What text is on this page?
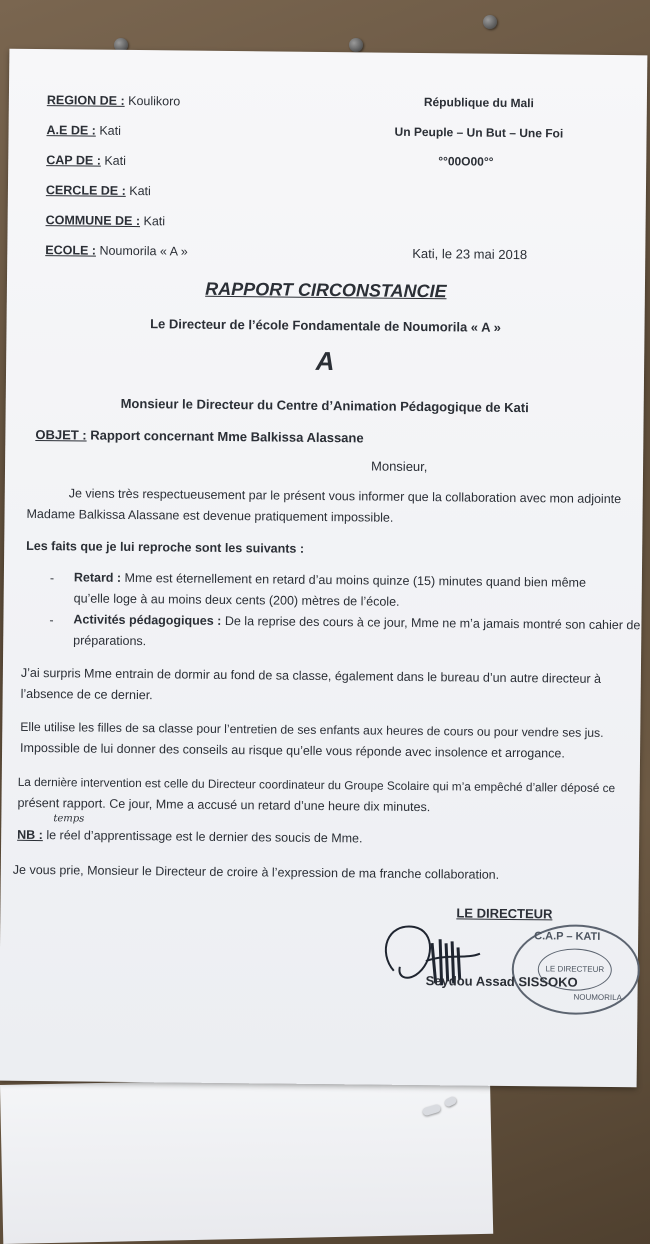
REGION DE : Koulikoro
A.E DE : Kati
CAP DE : Kati
CERCLE DE : Kati
COMMUNE DE : Kati
ECOLE : Noumorila « A »
République du Mali
Un Peuple – Un But – Une Foi
°°00O00°°
Kati, le 23 mai 2018
RAPPORT CIRCONSTANCIE
Le Directeur de l’école Fondamentale de Noumorila « A »
A
Monsieur le Directeur du Centre d’Animation Pédagogique de Kati
OBJET : Rapport concernant Mme Balkissa Alassane
Monsieur,
Je viens très respectueusement par le présent vous informer que la collaboration avec mon adjointe
Madame Balkissa Alassane est devenue pratiquement impossible.
Les faits que je lui reproche sont les suivants :
- Retard : Mme est éternellement en retard d’au moins quinze (15) minutes quand bien même
qu’elle loge à au moins deux cents (200) mètres de l’école.
- Activités pédagogiques : De la reprise des cours à ce jour, Mme ne m’a jamais montré son cahier de
préparations.
J’ai surpris Mme entrain de dormir au fond de sa classe, également dans le bureau d’un autre directeur à
l’absence de ce dernier.
Elle utilise les filles de sa classe pour l’entretien de ses enfants aux heures de cours ou pour vendre ses jus.
Impossible de lui donner des conseils au risque qu’elle vous réponde avec insolence et arrogance.
La dernière intervention est celle du Directeur coordinateur du Groupe Scolaire qui m’a empêché d’aller déposé ce
présent rapport. Ce jour, Mme a accusé un retard d’une heure dix minutes.
temps
NB : le réel d’apprentissage est le dernier des soucis de Mme.
Je vous prie, Monsieur le Directeur de croire à l’expression de ma franche collaboration.
LE DIRECTEUR
C.A.P – KATI
LE DIRECTEUR
NOUMORILA
Seydou Assad SISSOKO
